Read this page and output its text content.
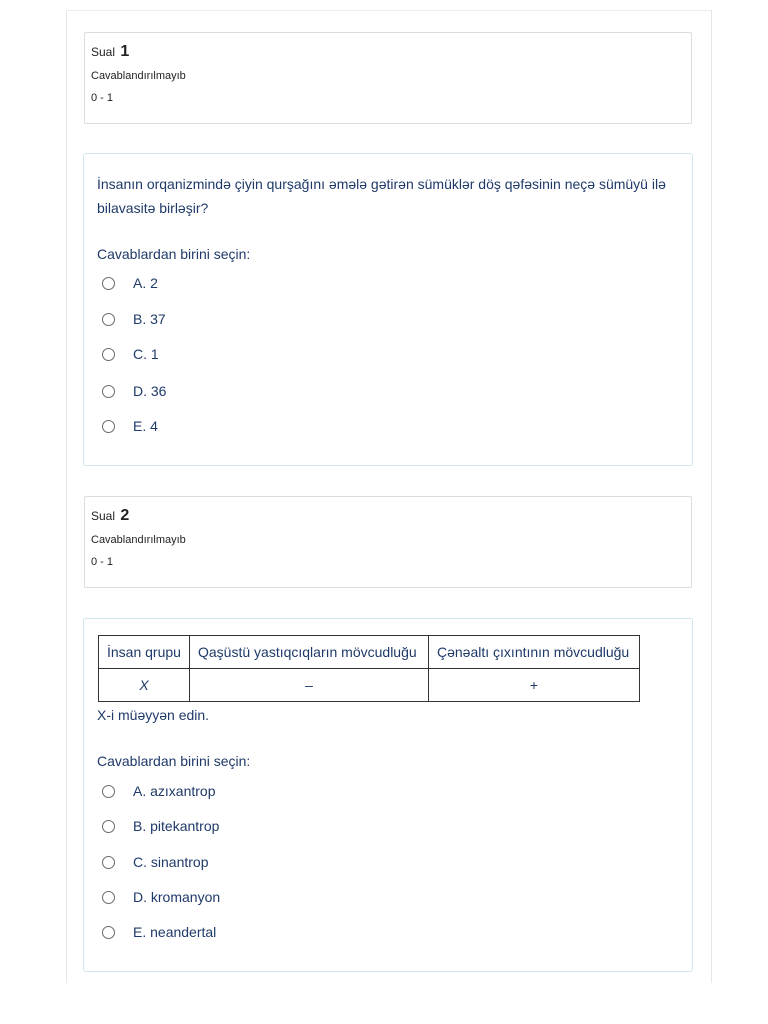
Sual 1
Cavablandırılmayıb
0 - 1
İnsanın orqanizmində çiyin qurşağını əmələ gətirən sümüklər döş qəfəsinin neçə sümüyü ilə bilavasitə birləşir?
Cavablardan birini seçin:
A. 2
B. 37
C. 1
D. 36
E. 4
Sual 2
Cavablandırılmayıb
0 - 1
İnsan qrupu	Qaşüstü yastıqcıqların mövcudluğu	Çənəaltı çıxıntının mövcudluğu
X	–	+
X-i müəyyən edin.
Cavablardan birini seçin:
A. azıxantrop
B. pitekantrop
C. sinantrop
D. kromanyon
E. neandertal
